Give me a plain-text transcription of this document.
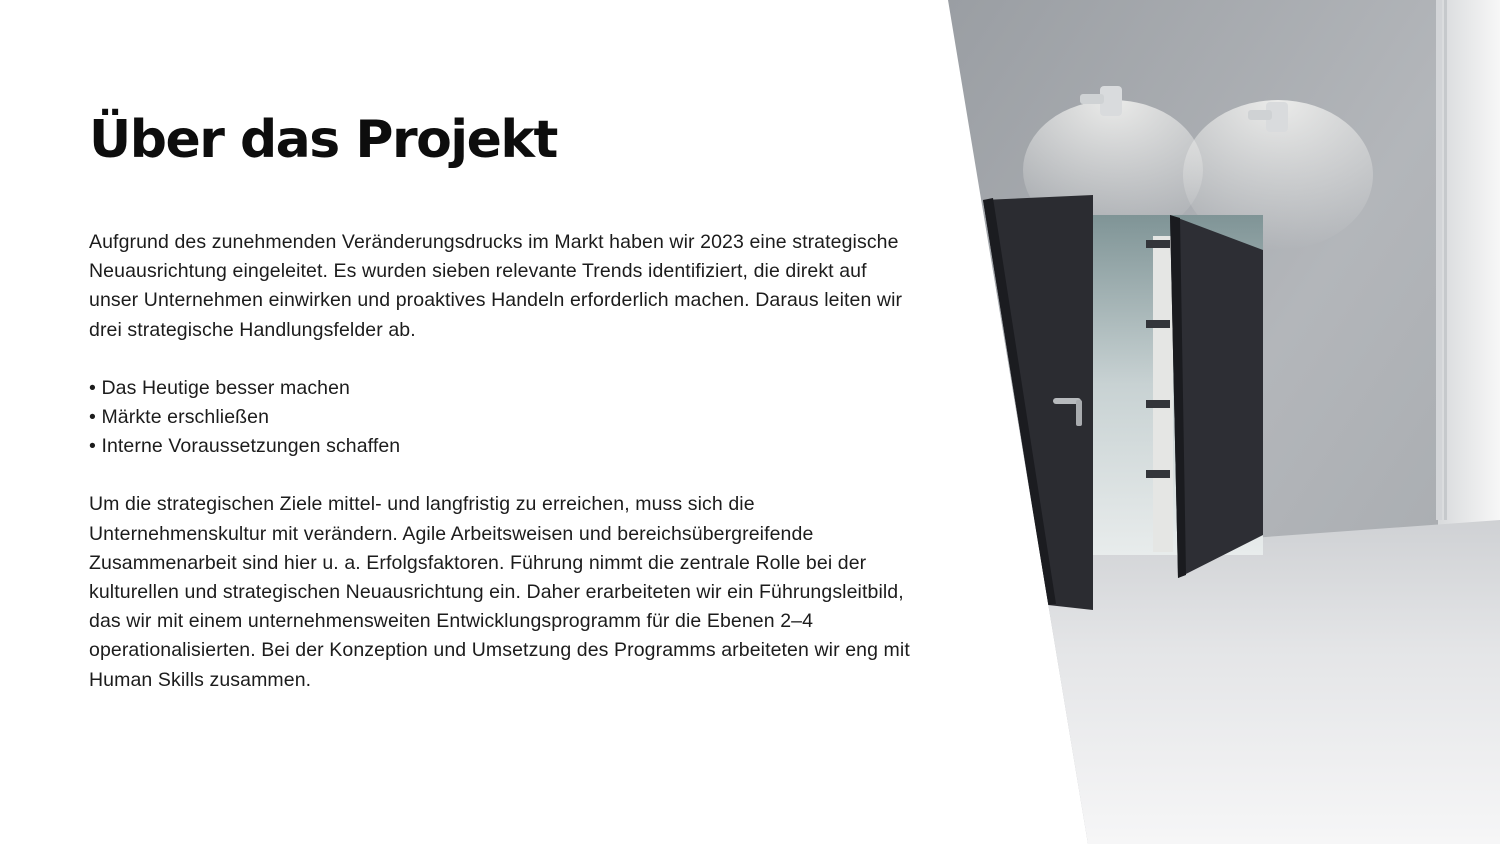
Über das Projekt

Aufgrund des zunehmenden Veränderungsdrucks im Markt haben wir 2023 eine strategische Neuausrichtung eingeleitet. Es wurden sieben relevante Trends identifiziert, die direkt auf unser Unternehmen einwirken und proaktives Handeln erforderlich machen. Daraus leiten wir drei strategische Handlungsfelder ab.

• Das Heutige besser machen
• Märkte erschließen
• Interne Voraussetzungen schaffen

Um die strategischen Ziele mittel- und langfristig zu erreichen, muss sich die Unternehmenskultur mit verändern. Agile Arbeitsweisen und bereichsübergreifende Zusammenarbeit sind hier u. a. Erfolgsfaktoren. Führung nimmt die zentrale Rolle bei der kulturellen und strategischen Neuausrichtung ein. Daher erarbeiteten wir ein Führungsleitbild, das wir mit einem unternehmensweiten Entwicklungsprogramm für die Ebenen 2–4 operationalisierten. Bei der Konzeption und Umsetzung des Programms arbeiteten wir eng mit Human Skills zusammen.
